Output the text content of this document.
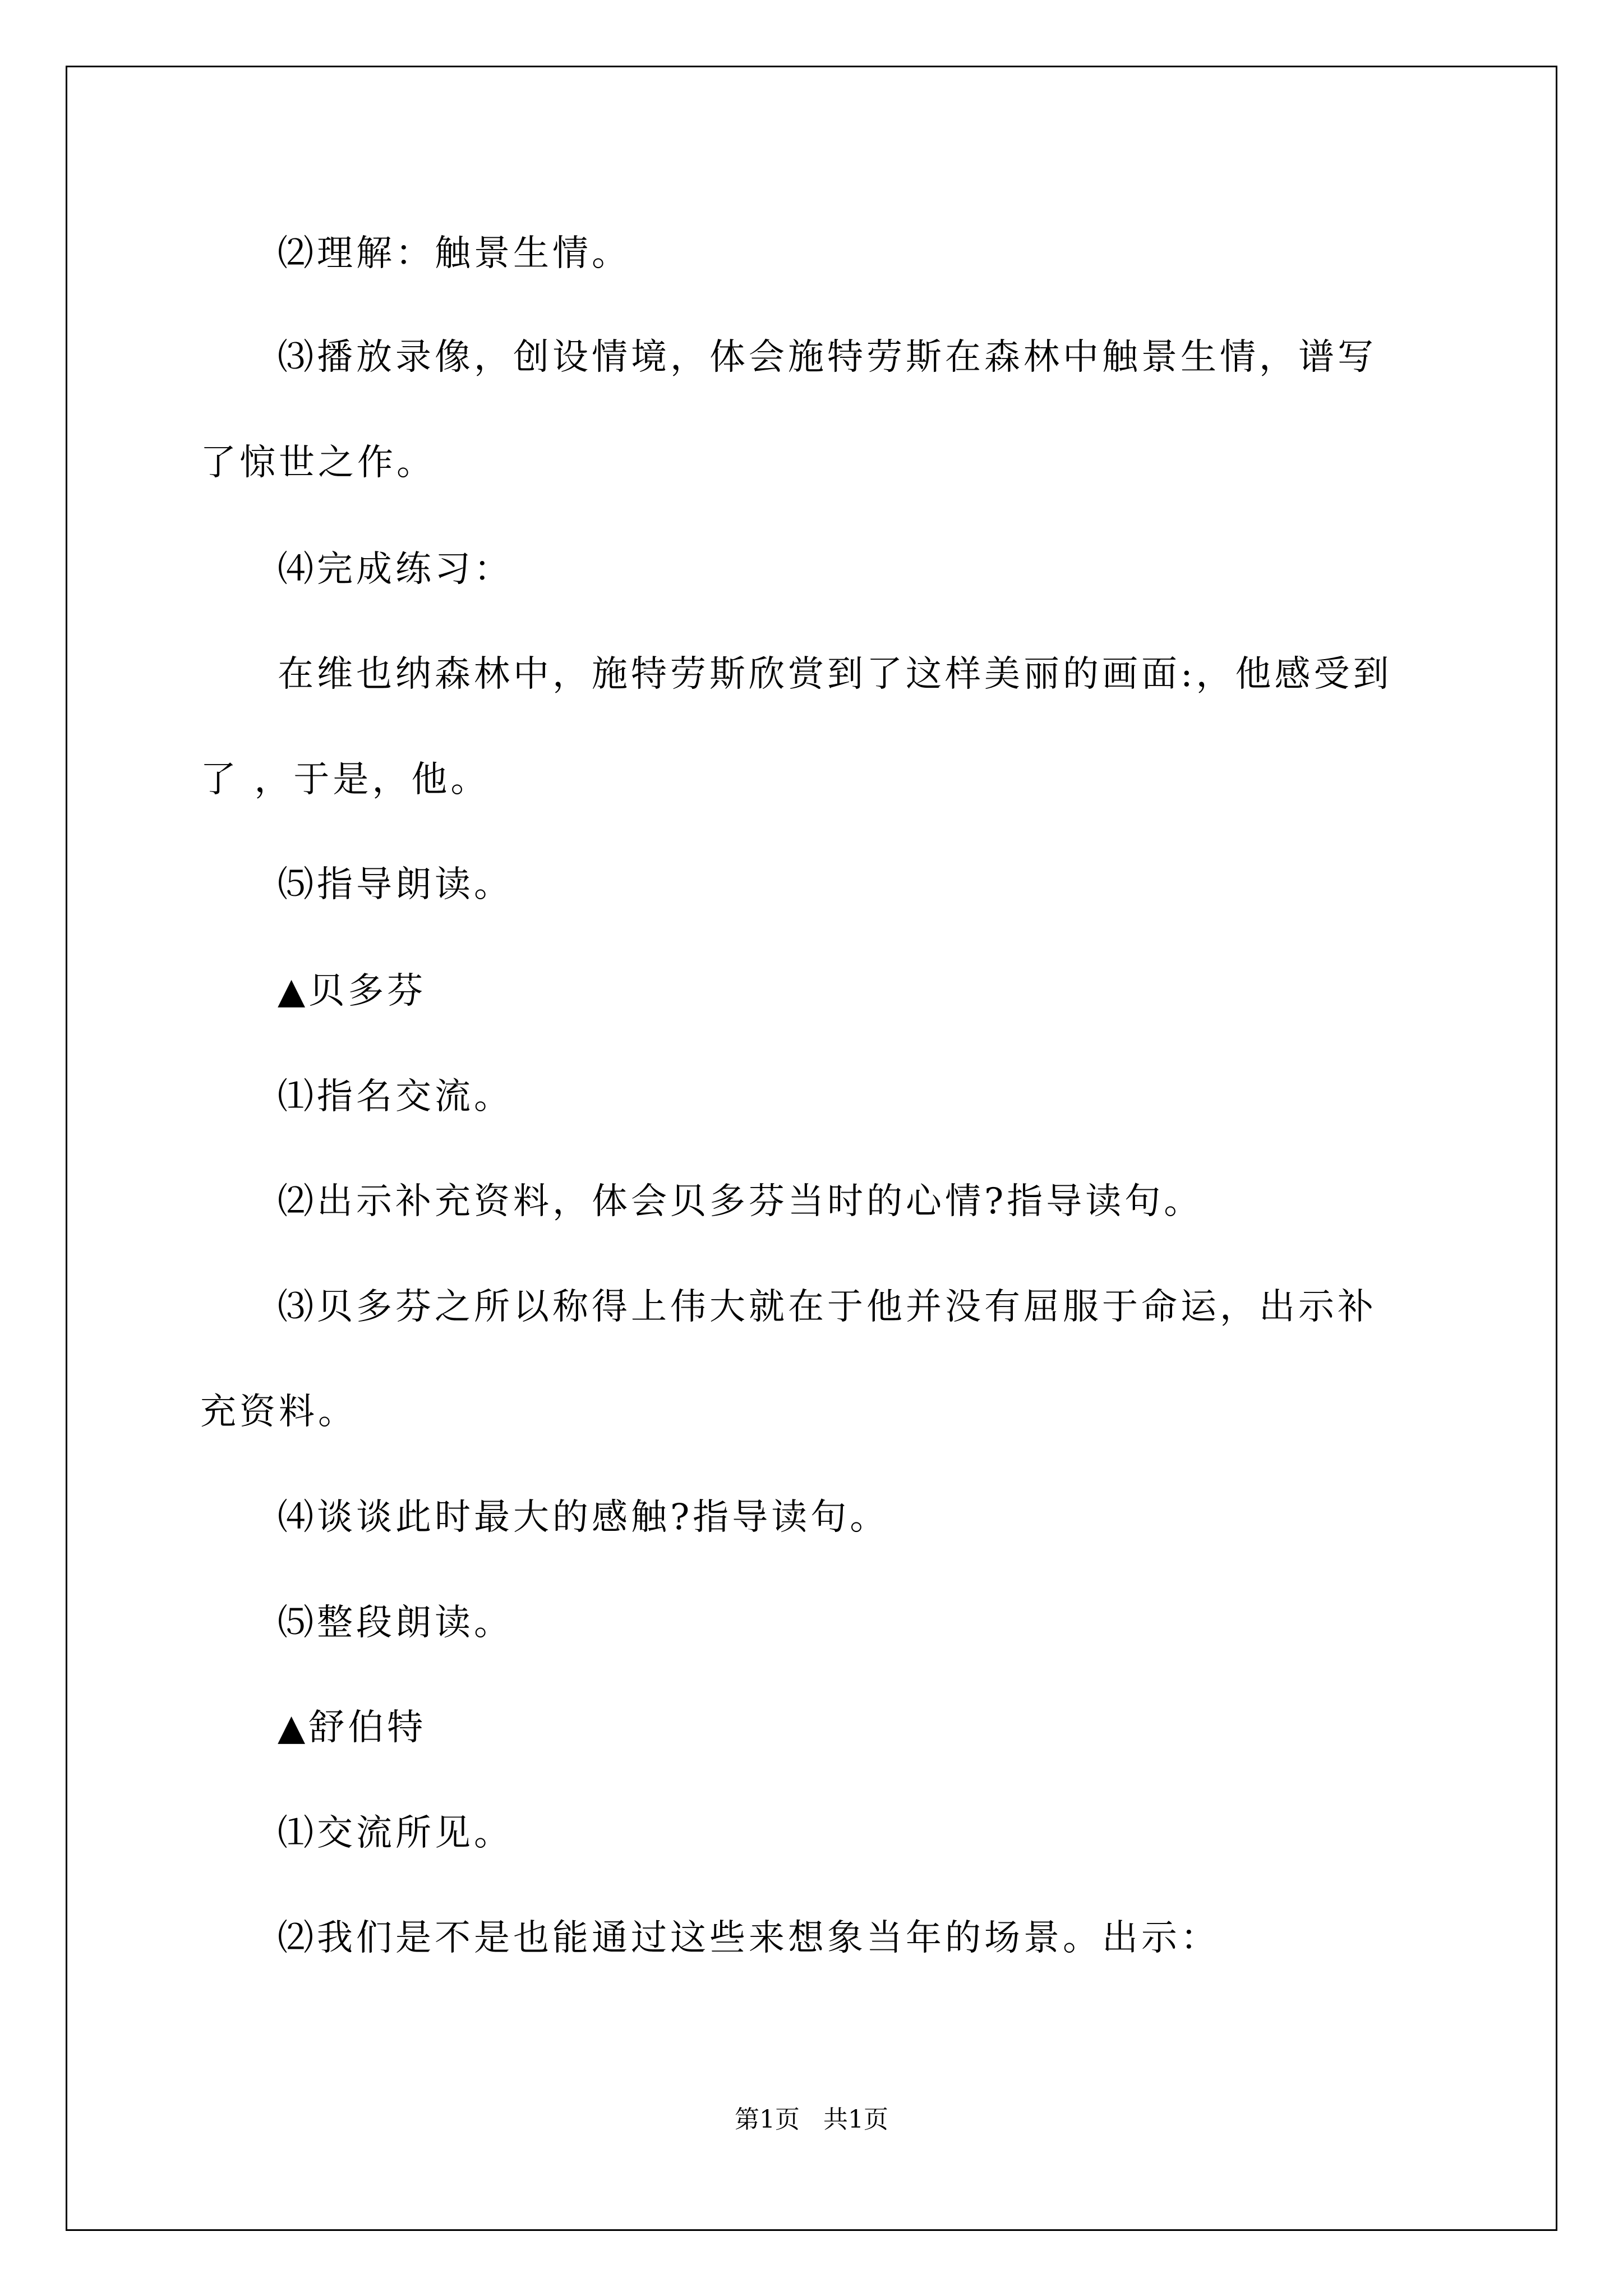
⑵理解：触景生情。
⑶播放录像，创设情境，体会施特劳斯在森林中触景生情，谱写
了惊世之作。
⑷完成练习：
在维也纳森林中，施特劳斯欣赏到了这样美丽的画面:，他感受到
了 ，于是，他。
⑸指导朗读。
▲贝多芬
⑴指名交流。
⑵出示补充资料，体会贝多芬当时的心情?指导读句。
⑶贝多芬之所以称得上伟大就在于他并没有屈服于命运，出示补
充资料。
⑷谈谈此时最大的感触?指导读句。
⑸整段朗读。
▲舒伯特
⑴交流所见。
⑵我们是不是也能通过这些来想象当年的场景。出示：
第1页   共1页
